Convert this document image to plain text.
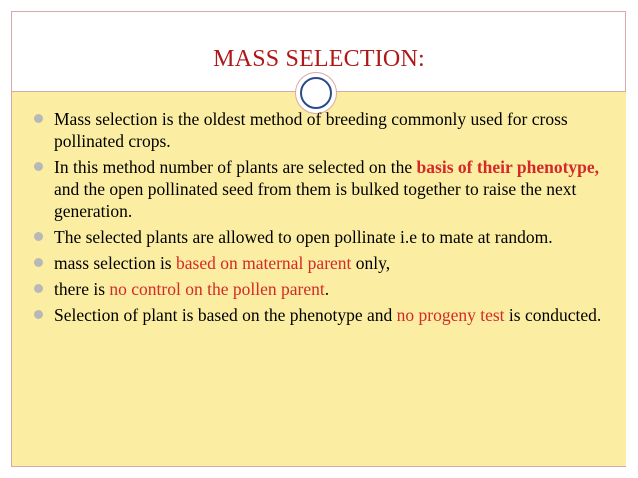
MASS SELECTION:
Mass selection is the oldest method of breeding commonly used for cross pollinated crops.
In this method number of plants are selected on the basis of their phenotype, and the open pollinated seed from them is bulked together to raise the next generation.
The selected plants are allowed to open pollinate i.e to mate at random.
mass selection is based on maternal parent only,
there is no control on the pollen parent.
Selection of plant is based on the phenotype and no progeny test is conducted.
